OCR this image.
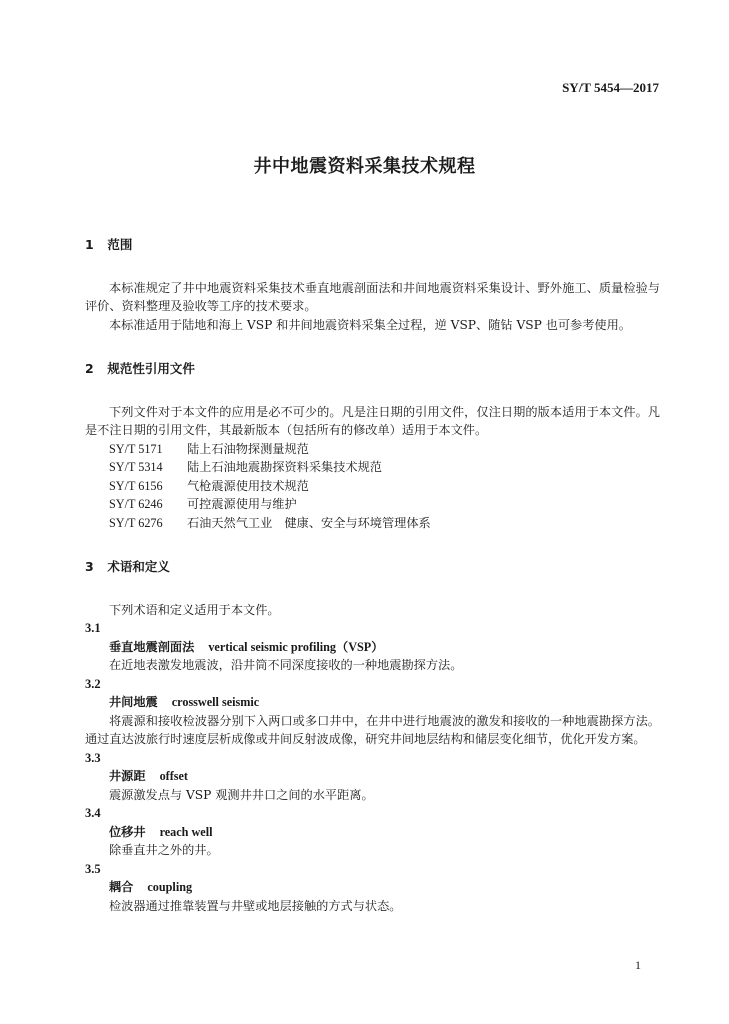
SY/T 5454—2017
井中地震资料采集技术规程
1 范围

本标准规定了井中地震资料采集技术垂直地震剖面法和井间地震资料采集设计、野外施工、质量检验与评价、资料整理及验收等工序的技术要求。

本标准适用于陆地和海上 VSP 和井间地震资料采集全过程，逆 VSP、随钻 VSP 也可参考使用。

2 规范性引用文件

下列文件对于本文件的应用是必不可少的。凡是注日期的引用文件，仅注日期的版本适用于本文件。凡是不注日期的引用文件，其最新版本（包括所有的修改单）适用于本文件。

SY/T 5171 陆上石油物探测量规范
SY/T 5314 陆上石油地震勘探资料采集技术规范
SY/T 6156 气枪震源使用技术规范
SY/T 6246 可控震源使用与维护
SY/T 6276 石油天然气工业　健康、安全与环境管理体系
3 术语和定义

下列术语和定义适用于本文件。

3.1

垂直地震剖面法 vertical seismic profiling（VSP）

在近地表激发地震波，沿井筒不同深度接收的一种地震勘探方法。

3.2

井间地震 crosswell seismic

将震源和接收检波器分别下入两口或多口井中，在井中进行地震波的激发和接收的一种地震勘探方法。通过直达波旅行时速度层析成像或井间反射波成像，研究井间地层结构和储层变化细节，优化开发方案。

3.3

井源距 offset

震源激发点与 VSP 观测井井口之间的水平距离。

3.4

位移井 reach well

除垂直井之外的井。

3.5

耦合 coupling

检波器通过推靠装置与井壁或地层接触的方式与状态。

1
